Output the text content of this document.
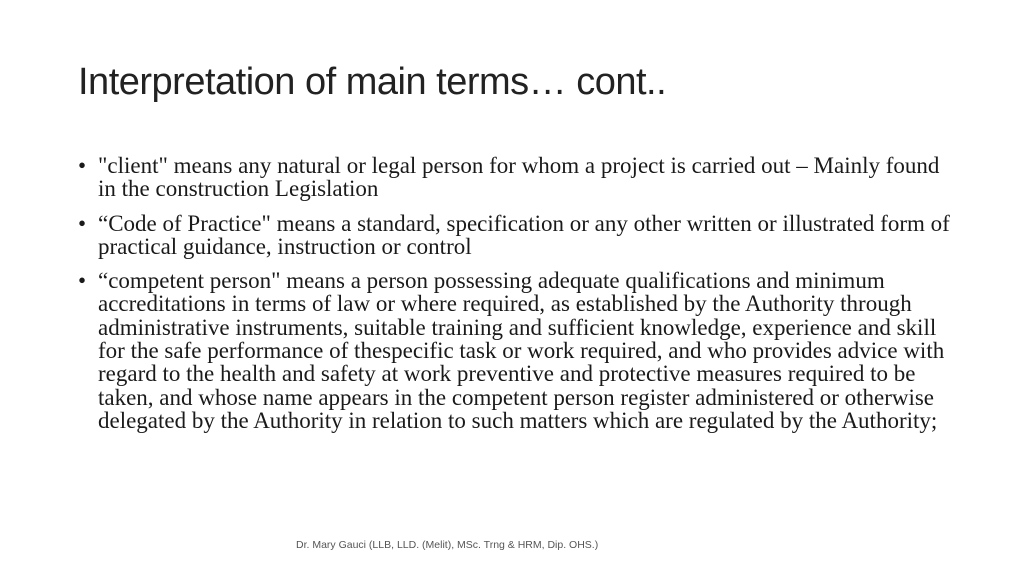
Interpretation of main terms… cont..
• "client" means any natural or legal person for whom a project is carried out – Mainly found in the construction Legislation
• “Code of Practice" means a standard, specification or any other written or illustrated form of practical guidance, instruction or control
• “competent person" means a person possessing adequate qualifications and minimum accreditations in terms of law or where required, as established by the Authority through administrative instruments, suitable training and sufficient knowledge, experience and skill for the safe performance of thespecific task or work required, and who provides advice with regard to the health and safety at work preventive and protective measures required to be taken, and whose name appears in the competent person register administered or otherwise delegated by the Authority in relation to such matters which are regulated by the Authority;
Dr. Mary Gauci (LLB, LLD. (Melit), MSc. Trng & HRM, Dip. OHS.)
